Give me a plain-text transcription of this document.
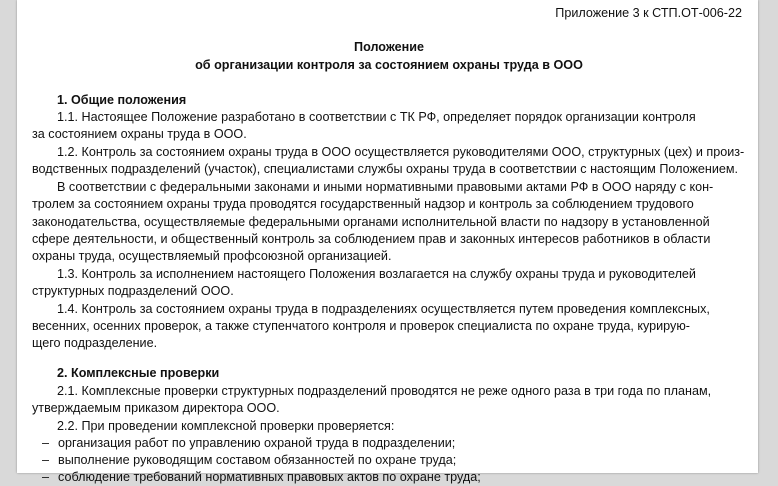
Приложение 3 к СТП.ОТ-006-22
Положение
об организации контроля за состоянием охраны труда в ООО
1. Общие положения
1.1. Настоящее Положение разработано в соответствии с ТК РФ, определяет порядок организации контроля
за состоянием охраны труда в ООО.
1.2. Контроль за состоянием охраны труда в ООО осуществляется руководителями ООО, структурных (цех) и произ-
водственных подразделений (участок), специалистами службы охраны труда в соответствии с настоящим Положением.
В соответствии с федеральными законами и иными нормативными правовыми актами РФ в ООО наряду с кон-
тролем за состоянием охраны труда проводятся государственный надзор и контроль за соблюдением трудового
законодательства, осуществляемые федеральными органами исполнительной власти по надзору в установленной
сфере деятельности, и общественный контроль за соблюдением прав и законных интересов работников в области
охраны труда, осуществляемый профсоюзной организацией.
1.3. Контроль за исполнением настоящего Положения возлагается на службу охраны труда и руководителей
структурных подразделений ООО.
1.4. Контроль за состоянием охраны труда в подразделениях осуществляется путем проведения комплексных,
весенних, осенних проверок, а также ступенчатого контроля и проверок специалиста по охране труда, курирую-
щего подразделение.
2. Комплексные проверки
2.1. Комплексные проверки структурных подразделений проводятся не реже одного раза в три года по планам,
утверждаемым приказом директора ООО.
2.2. При проведении комплексной проверки проверяется:
– организация работ по управлению охраной труда в подразделении;
– выполнение руководящим составом обязанностей по охране труда;
– соблюдение требований нормативных правовых актов по охране труда;
